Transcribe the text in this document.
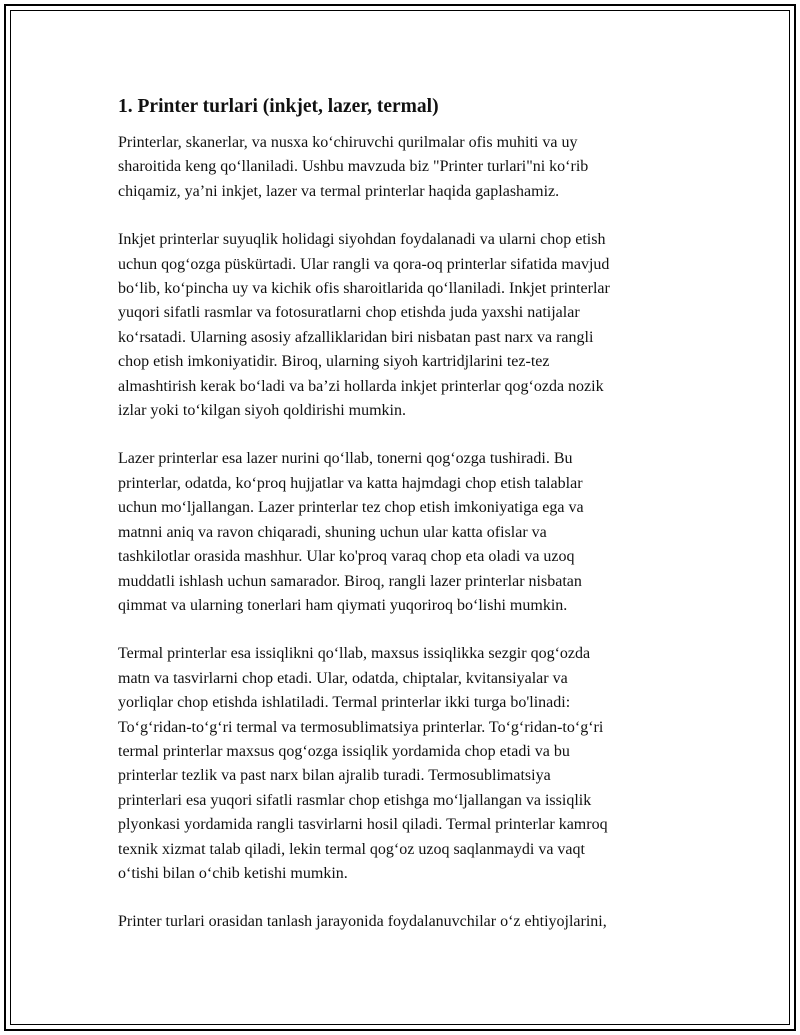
1. Printer turlari (inkjet, lazer, termal)

Printerlar, skanerlar, va nusxa koʻchiruvchi qurilmalar ofis muhiti va uy
sharoitida keng qoʻllaniladi. Ushbu mavzuda biz "Printer turlari"ni koʻrib
chiqamiz, yaʼni inkjet, lazer va termal printerlar haqida gaplashamiz.

Inkjet printerlar suyuqlik holidagi siyohdan foydalanadi va ularni chop etish
uchun qogʻozga püskürtadi. Ular rangli va qora-oq printerlar sifatida mavjud
boʻlib, koʻpincha uy va kichik ofis sharoitlarida qoʻllaniladi. Inkjet printerlar
yuqori sifatli rasmlar va fotosuratlarni chop etishda juda yaxshi natijalar
koʻrsatadi. Ularning asosiy afzalliklaridan biri nisbatan past narx va rangli
chop etish imkoniyatidir. Biroq, ularning siyoh kartridjlarini tez-tez
almashtirish kerak boʻladi va baʼzi hollarda inkjet printerlar qogʻozda nozik
izlar yoki toʻkilgan siyoh qoldirishi mumkin.

Lazer printerlar esa lazer nurini qoʻllab, tonerni qogʻozga tushiradi. Bu
printerlar, odatda, koʻproq hujjatlar va katta hajmdagi chop etish talablar
uchun moʻljallangan. Lazer printerlar tez chop etish imkoniyatiga ega va
matnni aniq va ravon chiqaradi, shuning uchun ular katta ofislar va
tashkilotlar orasida mashhur. Ular ko'proq varaq chop eta oladi va uzoq
muddatli ishlash uchun samarador. Biroq, rangli lazer printerlar nisbatan
qimmat va ularning tonerlari ham qiymati yuqoriroq boʻlishi mumkin.

Termal printerlar esa issiqlikni qoʻllab, maxsus issiqlikka sezgir qogʻozda
matn va tasvirlarni chop etadi. Ular, odatda, chiptalar, kvitansiyalar va
yorliqlar chop etishda ishlatiladi. Termal printerlar ikki turga bo'linadi:
Toʻgʻridan-toʻgʻri termal va termosublimatsiya printerlar. Toʻgʻridan-toʻgʻri
termal printerlar maxsus qogʻozga issiqlik yordamida chop etadi va bu
printerlar tezlik va past narx bilan ajralib turadi. Termosublimatsiya
printerlari esa yuqori sifatli rasmlar chop etishga moʻljallangan va issiqlik
plyonkasi yordamida rangli tasvirlarni hosil qiladi. Termal printerlar kamroq
texnik xizmat talab qiladi, lekin termal qogʻoz uzoq saqlanmaydi va vaqt
oʻtishi bilan oʻchib ketishi mumkin.

Printer turlari orasidan tanlash jarayonida foydalanuvchilar oʻz ehtiyojlarini,
